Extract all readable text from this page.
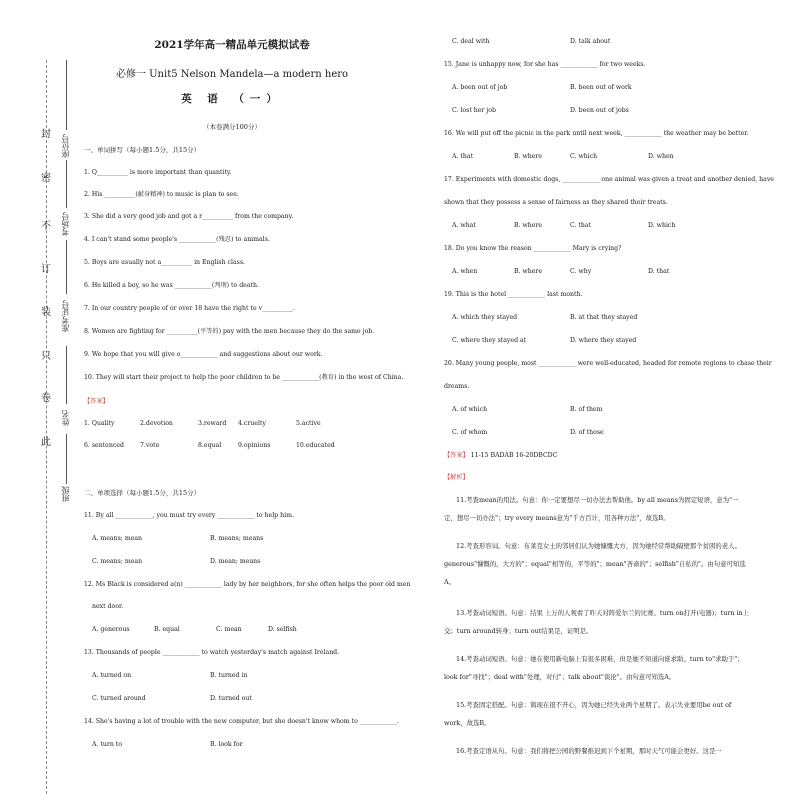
封
密
不
订
装
只
卷
此
座位号
考场号
准考证号
姓名
班级
2021学年高一精品单元模拟试卷
必修一 Unit5 Nelson Mandela—a modern hero
英 语 （一）
（本卷满分100分）
一、单词拼写（每小题1.5分，共15分）
1. Q__________ is more important than quantity.
2. His __________(献身精神) to music is plan to see.
3. She did a very good job and got a r__________ from the company.
4. I can't stand some people's ____________(残忍) to animals.
5. Boys are usually not a__________ in English class.
6. He killed a boy, so he was ____________(判刑) to death.
7. In our country people of or over 18 have the right to v__________.
8. Women are fighting for __________(平等的) pay with the men because they do the same job.
9. We hope that you will give o____________ and suggestions about our work.
10. They will start their project to help the poor children to be ____________(教育) in the west of China.
【答案】
1. Quality	2.devotion	3.reward 4.cruelty	5.active
6. sentenced	7.vote	8.equal	9.opinions	10.educated
二、单项选择（每小题1.5分，共15分）
11. By all ____________, you must try every ____________ to help him.
A. means; mean	B. means; means
C. means; mean	D. mean; means
12. Ms Black is considered a(n) ____________ lady by her neighbors, for she often helps the poor old men
next door.
A. generous	B. equal	C. mean	D. selfish
13. Thousands of people ____________ to watch yesterday's match against Ireland.
A. turned on	B. turned in
C. turned around	D. turned out
14. She's having a lot of trouble with the new computer, but she doesn't know whom to ____________.
A. turn to	B. look for
C. deal with	D. talk about
15. Jane is unhappy now, for she has ____________ for two weeks.
A. been out of job	B. been out of work
C. lost her job	D. been out of jobs
16. We will put off the picnic in the park until next week, ____________ the weather may be better.
A. that	B. where	C. which	D. when
17. Experiments with domestic dogs, ____________ one animal was given a treat and another denied, have
shown that they possess a sense of fairness as they shared their treats.
A. what	B. where	C. that	D. which
18. Do you know the reason ____________ Mary is crying?
A. when	B. where	C. why	D. that
19. This is the hotel ____________ last month.
A. which they stayed	B. at that they stayed
C. where they stayed at	D. where they stayed
20. Many young people, most ____________ were well-educated, headed for remote regions to chase their
dreams.
A. of which	B. of them
C. of whom	D. of those
【答案】 11-15 BADAB 16-20DBCDC
【解析】
11.考查mean的用法。句意：你一定要想尽一切办法去帮助他。by all means为固定短语，意为"一定，想尽一切办法"；try every means意为"千方百计，用各种方法"，故选B。
12.考查形容词。句意：布莱克女士的邻居们认为她慷慨大方，因为她经常帮助隔壁那个贫困的老人。generous"慷慨的，大方的"；equal"相等的，平等的"；mean"吝啬的"；selfish"自私的"。由句意可知选A。
13.考查动词短语。句意：结果 上万的人观看了昨天对阵爱尔兰的比赛。turn on打开(电器)；turn in上交；turn around转身；turn out结果是，证明是。
14.考查动词短语。句意：她在使用新电脑上有很多困难，但是她不知道向谁求助。turn to"求助于"；look for"寻找"；deal with"处理，对付"；talk about"谈论"。由句意可知选A。
15.考查固定搭配。句意：简现在很不开心，因为她已经失业两个星期了。表示失业要用be out of work，故选B。
16.考查定语从句。句意：我们将把公园的野餐推迟到下个星期，那时天气可能会更好。这是一
